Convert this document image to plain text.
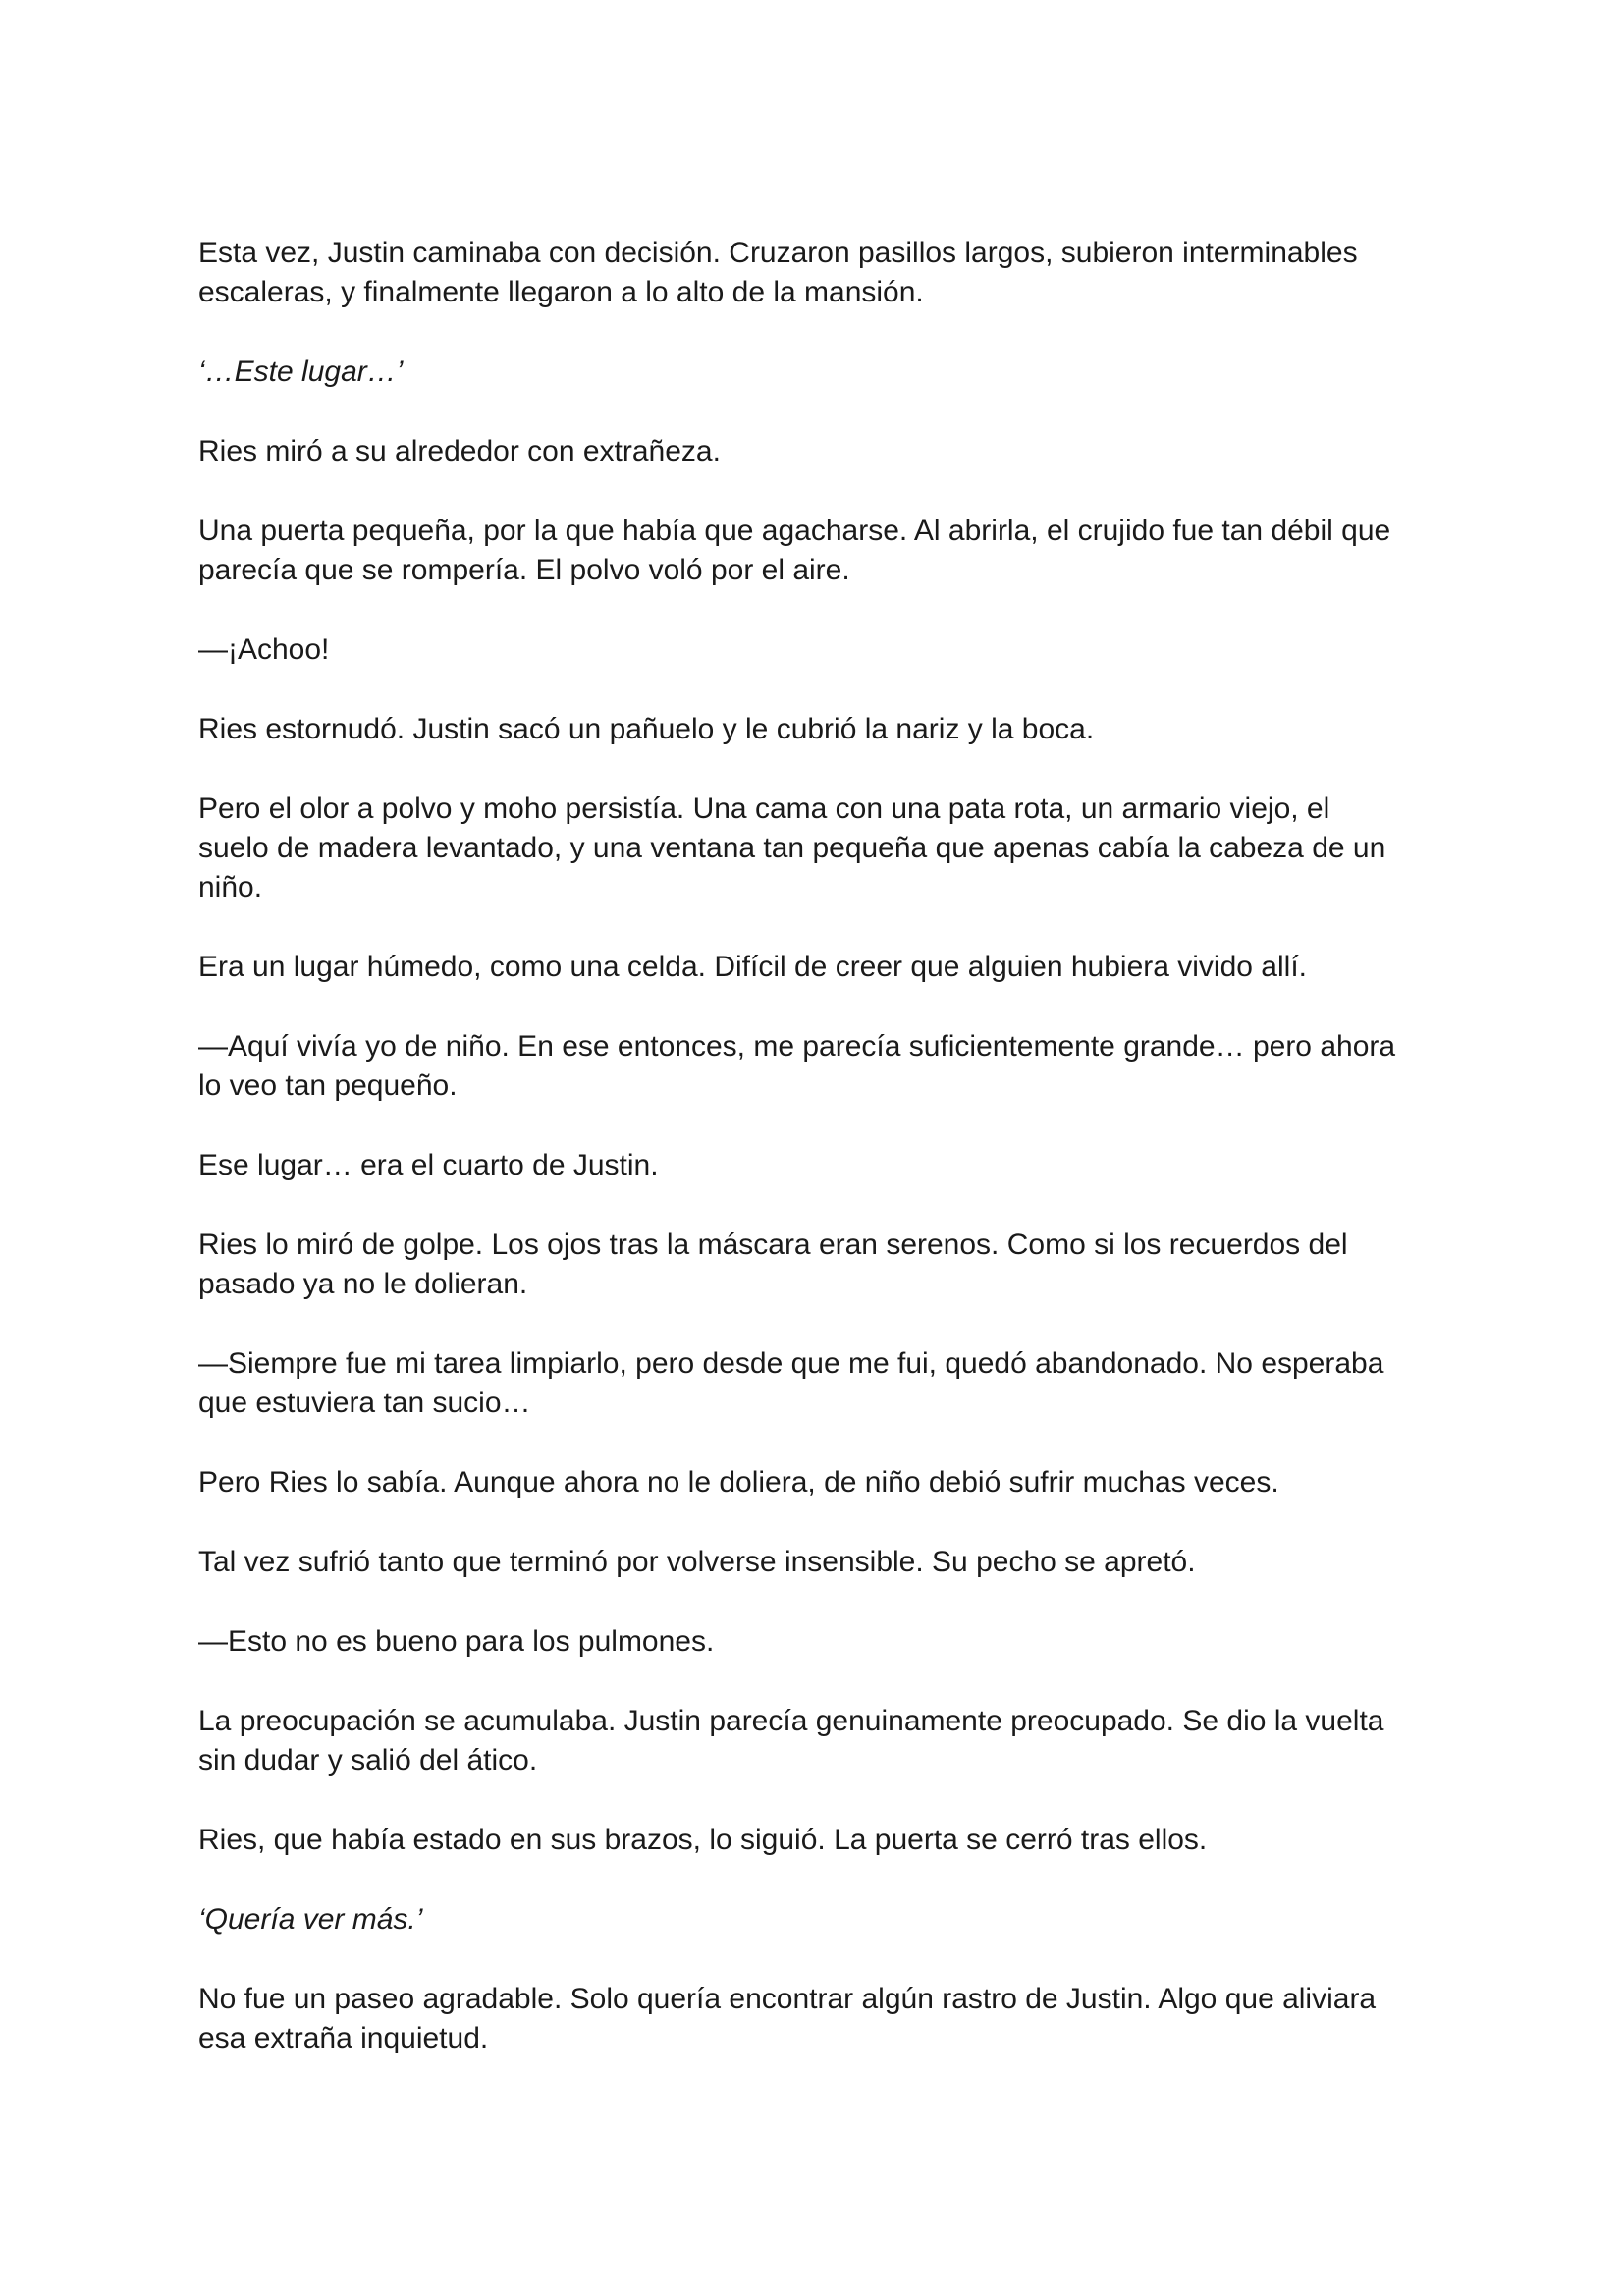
Esta vez, Justin caminaba con decisión. Cruzaron pasillos largos, subieron interminables
escaleras, y finalmente llegaron a lo alto de la mansión.

‘…Este lugar…’

Ries miró a su alrededor con extrañeza.

Una puerta pequeña, por la que había que agacharse. Al abrirla, el crujido fue tan débil que
parecía que se rompería. El polvo voló por el aire.

—¡Achoo!

Ries estornudó. Justin sacó un pañuelo y le cubrió la nariz y la boca.

Pero el olor a polvo y moho persistía. Una cama con una pata rota, un armario viejo, el
suelo de madera levantado, y una ventana tan pequeña que apenas cabía la cabeza de un
niño.

Era un lugar húmedo, como una celda. Difícil de creer que alguien hubiera vivido allí.

—Aquí vivía yo de niño. En ese entonces, me parecía suficientemente grande… pero ahora
lo veo tan pequeño.

Ese lugar… era el cuarto de Justin.

Ries lo miró de golpe. Los ojos tras la máscara eran serenos. Como si los recuerdos del
pasado ya no le dolieran.

—Siempre fue mi tarea limpiarlo, pero desde que me fui, quedó abandonado. No esperaba
que estuviera tan sucio…

Pero Ries lo sabía. Aunque ahora no le doliera, de niño debió sufrir muchas veces.

Tal vez sufrió tanto que terminó por volverse insensible. Su pecho se apretó.

—Esto no es bueno para los pulmones.

La preocupación se acumulaba. Justin parecía genuinamente preocupado. Se dio la vuelta
sin dudar y salió del ático.

Ries, que había estado en sus brazos, lo siguió. La puerta se cerró tras ellos.

‘Quería ver más.’

No fue un paseo agradable. Solo quería encontrar algún rastro de Justin. Algo que aliviara
esa extraña inquietud.
